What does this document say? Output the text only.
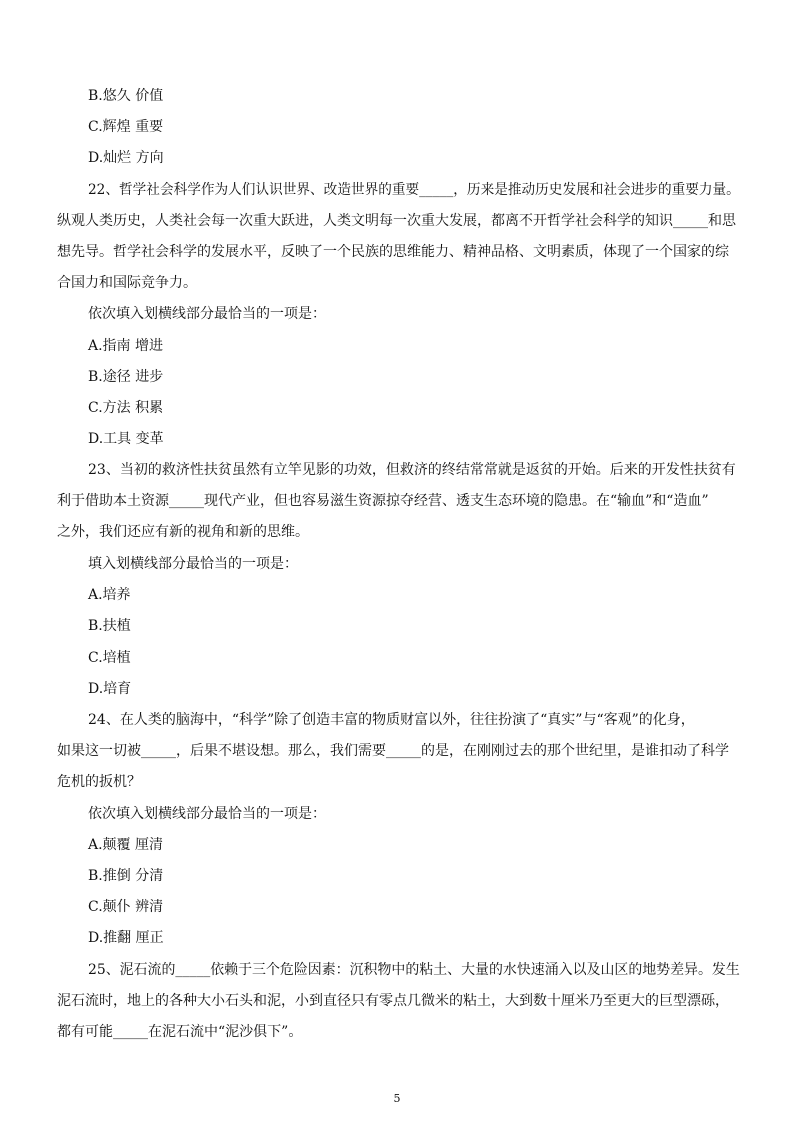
B.悠久 价值
C.辉煌 重要
D.灿烂 方向
22、哲学社会科学作为人们认识世界、改造世界的重要_____，历来是推动历史发展和社会进步的重要力量。
纵观人类历史，人类社会每一次重大跃进，人类文明每一次重大发展，都离不开哲学社会科学的知识_____和思
想先导。哲学社会科学的发展水平，反映了一个民族的思维能力、精神品格、文明素质，体现了一个国家的综
合国力和国际竞争力。
依次填入划横线部分最恰当的一项是：
A.指南 增进
B.途径 进步
C.方法 积累
D.工具 变革
23、当初的救济性扶贫虽然有立竿见影的功效，但救济的终结常常就是返贫的开始。后来的开发性扶贫有
利于借助本土资源_____现代产业，但也容易滋生资源掠夺经营、透支生态环境的隐患。在“输血”和“造血”
之外，我们还应有新的视角和新的思维。
填入划横线部分最恰当的一项是：
A.培养
B.扶植
C.培植
D.培育
24、在人类的脑海中，“科学”除了创造丰富的物质财富以外，往往扮演了“真实”与“客观”的化身，
如果这一切被_____，后果不堪设想。那么，我们需要_____的是，在刚刚过去的那个世纪里，是谁扣动了科学
危机的扳机？
依次填入划横线部分最恰当的一项是：
A.颠覆 厘清
B.推倒 分清
C.颠仆 辨清
D.推翻 厘正
25、泥石流的_____依赖于三个危险因素：沉积物中的粘土、大量的水快速涌入以及山区的地势差异。发生
泥石流时，地上的各种大小石头和泥，小到直径只有零点几微米的粘土，大到数十厘米乃至更大的巨型漂砾，
都有可能_____在泥石流中“泥沙俱下”。
5
